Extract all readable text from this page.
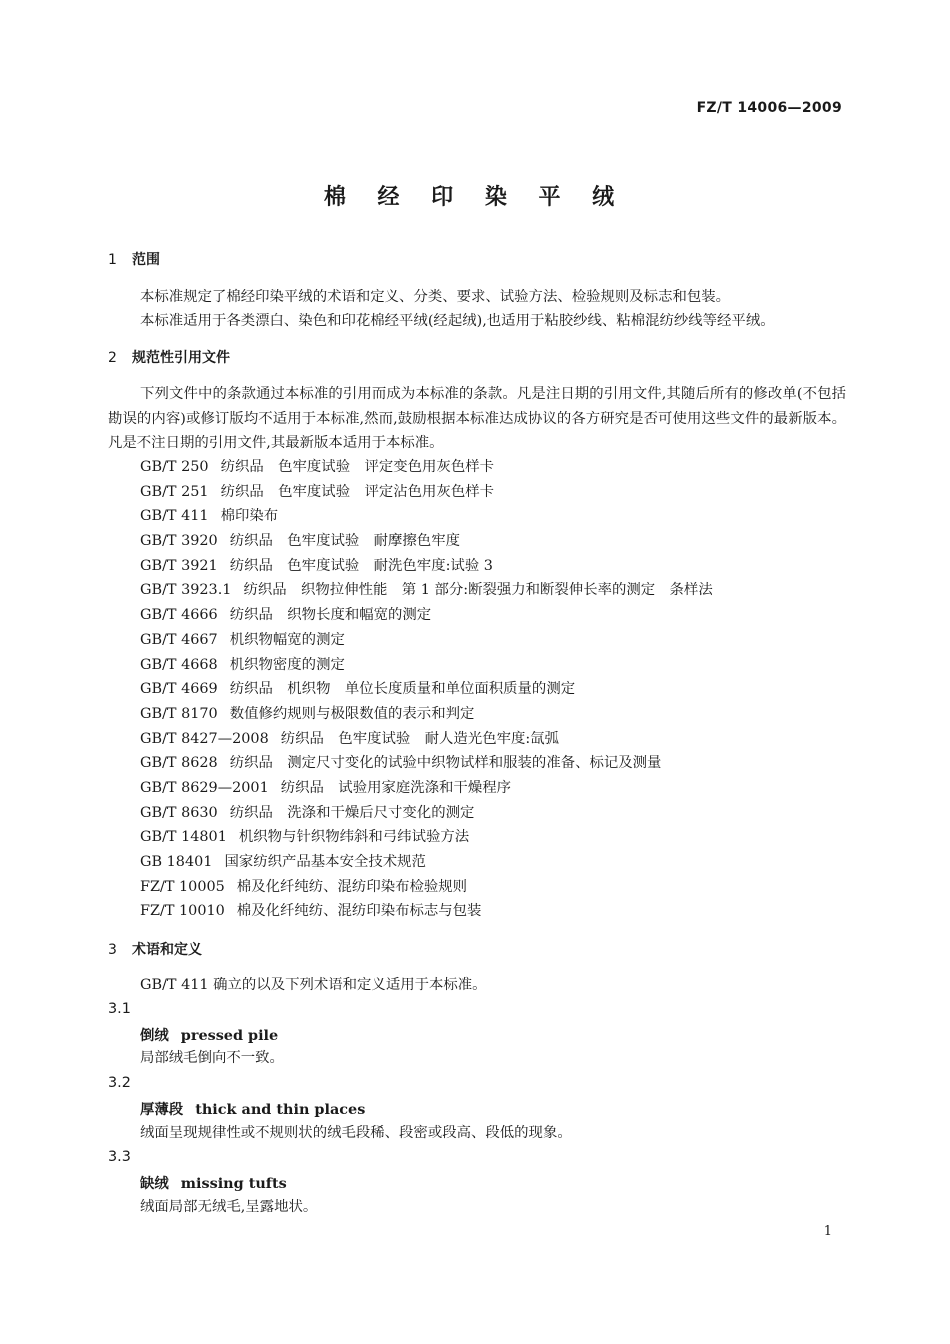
FZ/T 14006—2009
棉 经 印 染 平 绒
1 范围
本标准规定了棉经印染平绒的术语和定义、分类、要求、试验方法、检验规则及标志和包装。
本标准适用于各类漂白、染色和印花棉经平绒(经起绒),也适用于粘胶纱线、粘棉混纺纱线等经平绒。
2 规范性引用文件
下列文件中的条款通过本标准的引用而成为本标准的条款。凡是注日期的引用文件,其随后所有的修改单(不包括勘误的内容)或修订版均不适用于本标准,然而,鼓励根据本标准达成协议的各方研究是否可使用这些文件的最新版本。凡是不注日期的引用文件,其最新版本适用于本标准。
GB/T 250 纺织品　色牢度试验　评定变色用灰色样卡
GB/T 251 纺织品　色牢度试验　评定沾色用灰色样卡
GB/T 411 棉印染布
GB/T 3920 纺织品　色牢度试验　耐摩擦色牢度
GB/T 3921 纺织品　色牢度试验　耐洗色牢度:试验 3
GB/T 3923.1 纺织品　织物拉伸性能　第 1 部分:断裂强力和断裂伸长率的测定　条样法
GB/T 4666 纺织品　织物长度和幅宽的测定
GB/T 4667 机织物幅宽的测定
GB/T 4668 机织物密度的测定
GB/T 4669 纺织品　机织物　单位长度质量和单位面积质量的测定
GB/T 8170 数值修约规则与极限数值的表示和判定
GB/T 8427—2008 纺织品　色牢度试验　耐人造光色牢度:氙弧
GB/T 8628 纺织品　测定尺寸变化的试验中织物试样和服装的准备、标记及测量
GB/T 8629—2001 纺织品　试验用家庭洗涤和干燥程序
GB/T 8630 纺织品　洗涤和干燥后尺寸变化的测定
GB/T 14801 机织物与针织物纬斜和弓纬试验方法
GB 18401 国家纺织产品基本安全技术规范
FZ/T 10005 棉及化纤纯纺、混纺印染布检验规则
FZ/T 10010 棉及化纤纯纺、混纺印染布标志与包装
3 术语和定义
GB/T 411 确立的以及下列术语和定义适用于本标准。
3.1
倒绒 pressed pile
局部绒毛倒向不一致。
3.2
厚薄段 thick and thin places
绒面呈现规律性或不规则状的绒毛段稀、段密或段高、段低的现象。
3.3
缺绒 missing tufts
绒面局部无绒毛,呈露地状。
1
